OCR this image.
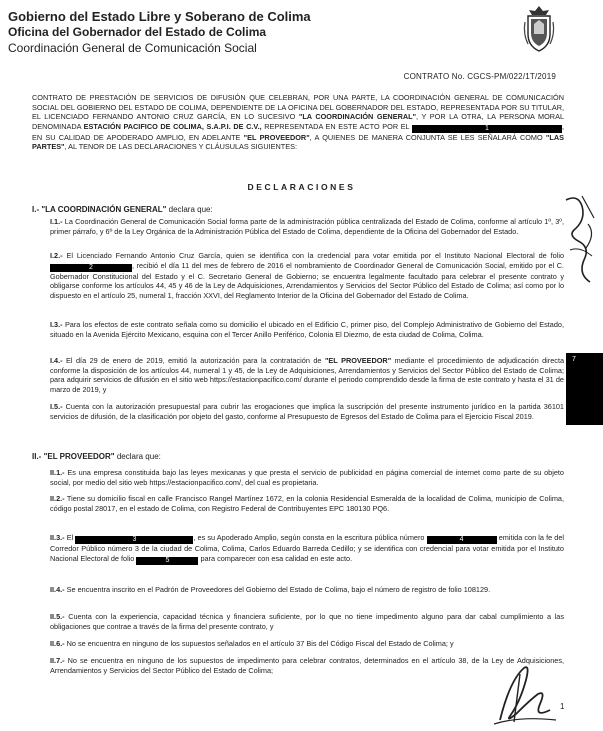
Gobierno del Estado Libre y Soberano de Colima
Oficina del Gobernador del Estado de Colima
Coordinación General de Comunicación Social
CONTRATO No. CGCS-PM/022/1T/2019
CONTRATO DE PRESTACIÓN DE SERVICIOS DE DIFUSIÓN QUE CELEBRAN, POR UNA PARTE, LA COORDINACIÓN GENERAL DE COMUNICACIÓN SOCIAL DEL GOBIERNO DEL ESTADO DE COLIMA, DEPENDIENTE DE LA OFICINA DEL GOBERNADOR DEL ESTADO, REPRESENTADA POR SU TITULAR, EL LICENCIADO FERNANDO ANTONIO CRUZ GARCÍA, EN LO SUCESIVO "LA COORDINACIÓN GENERAL", Y POR LA OTRA, LA PERSONA MORAL DENOMINADA ESTACIÓN PACIFICO DE COLIMA, S.A.P.I. DE C.V., REPRESENTADA EN ESTE ACTO POR EL	1	, EN SU CALIDAD DE APODERADO AMPLIO, EN ADELANTE "EL PROVEEDOR", A QUIENES DE MANERA CONJUNTA SE LES SEÑALARÁ COMO "LAS PARTES", AL TENOR DE LAS DECLARACIONES Y CLÁUSULAS SIGUIENTES:
DECLARACIONES
I.- "LA COORDINACIÓN GENERAL" declara que:
I.1.- La Coordinación General de Comunicación Social forma parte de la administración pública centralizada del Estado de Colima, conforme al artículo 1º, 3º, primer párrafo, y 6º de la Ley Orgánica de la Administración Pública del Estado de Colima, dependiente de la Oficina del Gobernador del Estado.
I.2.- El Licenciado Fernando Antonio Cruz García, quien se identifica con la credencial para votar emitida por el Instituto Nacional Electoral de folio 2	, recibió el día 11 del mes de febrero de 2016 el nombramiento de Coordinador General de Comunicación Social, emitido por el C. Gobernador Constitucional del Estado y el C. Secretario General de Gobierno; se encuentra legalmente facultado para celebrar el presente contrato y obligarse conforme los artículos 44, 45 y 46 de la Ley de Adquisiciones, Arrendamientos y Servicios del Sector Público del Estado de Colima; así como por lo dispuesto en el artículo 25, numeral 1, fracción XXVI, del Reglamento Interior de la Oficina del Gobernador del Estado de Colima.
I.3.- Para los efectos de este contrato señala como su domicilio el ubicado en el Edificio C, primer piso, del Complejo Administrativo de Gobierno del Estado, situado en la Avenida Ejército Mexicano, esquina con el Tercer Anillo Periférico, Colonia El Diezmo, de esta ciudad de Colima, Colima.
I.4.- El día 29 de enero de 2019, emitió la autorización para la contratación de "EL PROVEEDOR" mediante el procedimiento de adjudicación directa conforme la disposición de los artículos 44, numeral 1 y 45, de la Ley de Adquisiciones, Arrendamientos y Servicios del Sector Público del Estado de Colima; para adquirir servicios de difusión en el sitio web https://estacionpacifico.com/ durante el periodo comprendido desde la firma de este contrato y hasta el 31 de marzo de 2019, y
I.5.- Cuenta con la autorización presupuestal para cubrir las erogaciones que implica la suscripción del presente instrumento jurídico en la partida 36101 servicios de difusión, de la clasificación por objeto del gasto, conforme al Presupuesto de Egresos del Estado de Colima para el Ejercicio Fiscal 2019.
II.- "EL PROVEEDOR" declara que:
II.1.- Es una empresa constituida bajo las leyes mexicanas y que presta el servicio de publicidad en página comercial de internet como parte de su objeto social, por medio del sitio web https://estacionpacifico.com/, del cual es propietaria.
II.2.- Tiene su domicilio fiscal en calle Francisco Rangel Martínez 1672, en la colonia Residencial Esmeralda de la localidad de Colima, municipio de Colima, código postal 28017, en el estado de Colima, con Registro Federal de Contribuyentes EPC 180130 PQ6.
II.3.- El	3	, es su Apoderado Amplio, según consta en la escritura pública número	4	emitida con la fe del Corredor Público número 3 de la ciudad de Colima, Colima, Carlos Eduardo Barreda Cedillo; y se identifica con credencial para votar emitida por el Instituto Nacional Electoral de folio	5	para comparecer con esa calidad en este acto.
II.4.- Se encuentra inscrito en el Padrón de Proveedores del Gobierno del Estado de Colima, bajo el número de registro de folio 108129.
II.5.- Cuenta con la experiencia, capacidad técnica y financiera suficiente, por lo que no tiene impedimento alguno para dar cabal cumplimiento a las obligaciones que contrae a través de la firma del presente contrato, y
II.6.- No se encuentra en ninguno de los supuestos señalados en el artículo 37 Bis del Código Fiscal del Estado de Colima; y
II.7.- No se encuentra en ninguno de los supuestos de impedimento para celebrar contratos, determinados en el artículo 38, de la Ley de Adquisiciones, Arrendamientos y Servicios del Sector Público del Estado de Colima;
7
1
